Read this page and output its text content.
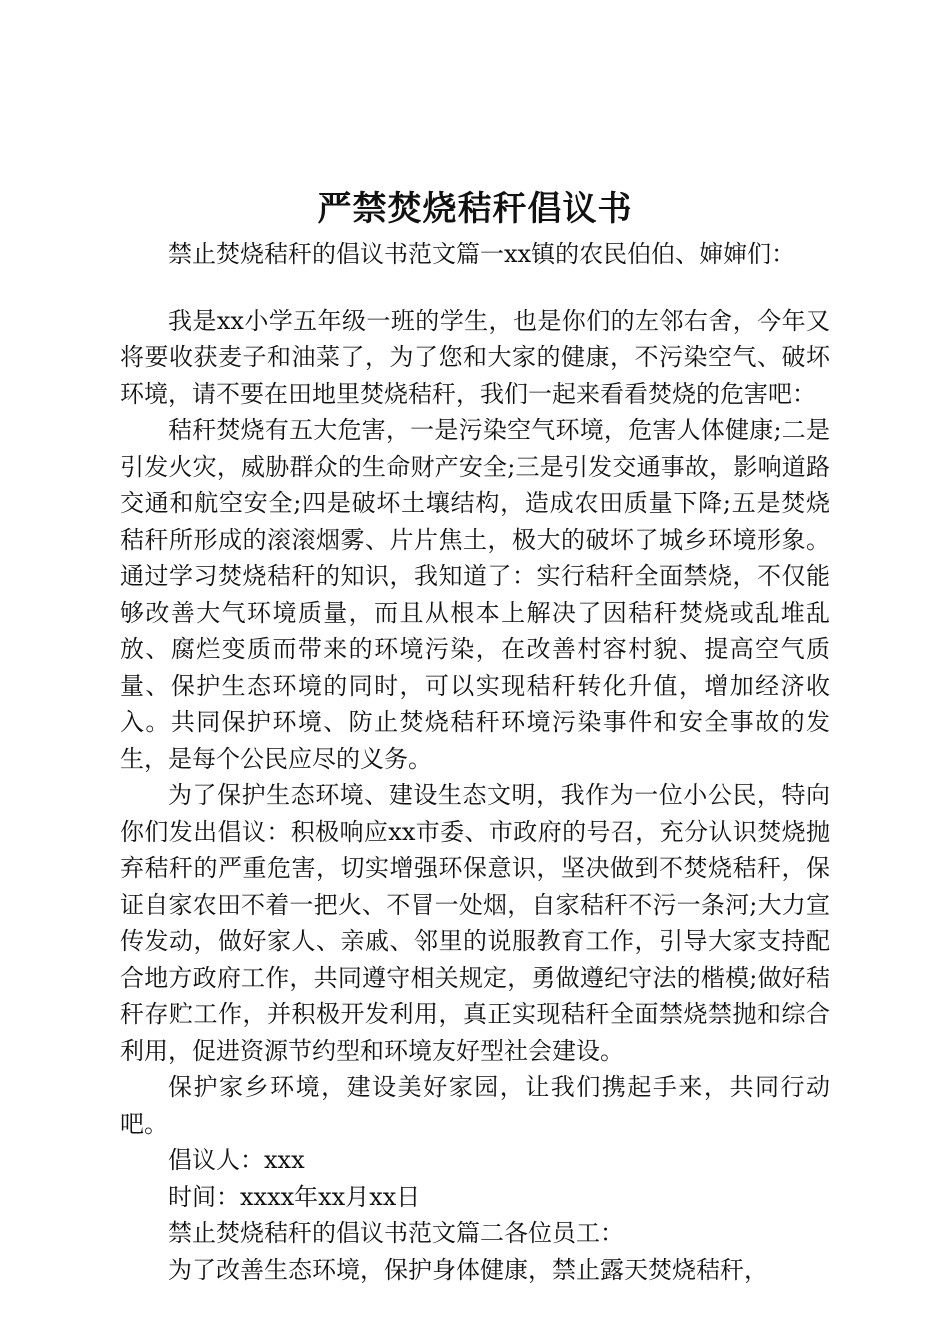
严禁焚烧秸秆倡议书

禁止焚烧秸秆的倡议书范文篇一xx镇的农民伯伯、婶婶们：

我是xx小学五年级一班的学生，也是你们的左邻右舍，今年又将要收获麦子和油菜了，为了您和大家的健康，不污染空气、破坏环境，请不要在田地里焚烧秸秆，我们一起来看看焚烧的危害吧：

秸秆焚烧有五大危害，一是污染空气环境，危害人体健康;二是引发火灾，威胁群众的生命财产安全;三是引发交通事故，影响道路交通和航空安全;四是破坏土壤结构，造成农田质量下降;五是焚烧秸秆所形成的滚滚烟雾、片片焦土，极大的破坏了城乡环境形象。通过学习焚烧秸秆的知识，我知道了：实行秸秆全面禁烧，不仅能够改善大气环境质量，而且从根本上解决了因秸秆焚烧或乱堆乱放、腐烂变质而带来的环境污染，在改善村容村貌、提高空气质量、保护生态环境的同时，可以实现秸秆转化升值，增加经济收入。共同保护环境、防止焚烧秸秆环境污染事件和安全事故的发生，是每个公民应尽的义务。

为了保护生态环境、建设生态文明，我作为一位小公民，特向你们发出倡议：积极响应xx市委、市政府的号召，充分认识焚烧抛弃秸秆的严重危害，切实增强环保意识，坚决做到不焚烧秸秆，保证自家农田不着一把火、不冒一处烟，自家秸秆不污一条河;大力宣传发动，做好家人、亲戚、邻里的说服教育工作，引导大家支持配合地方政府工作，共同遵守相关规定，勇做遵纪守法的楷模;做好秸秆存贮工作，并积极开发利用，真正实现秸秆全面禁烧禁抛和综合利用，促进资源节约型和环境友好型社会建设。

保护家乡环境，建设美好家园，让我们携起手来，共同行动吧。

倡议人：xxx

时间：xxxx年xx月xx日

禁止焚烧秸秆的倡议书范文篇二各位员工：

为了改善生态环境，保护身体健康，禁止露天焚烧秸秆，
